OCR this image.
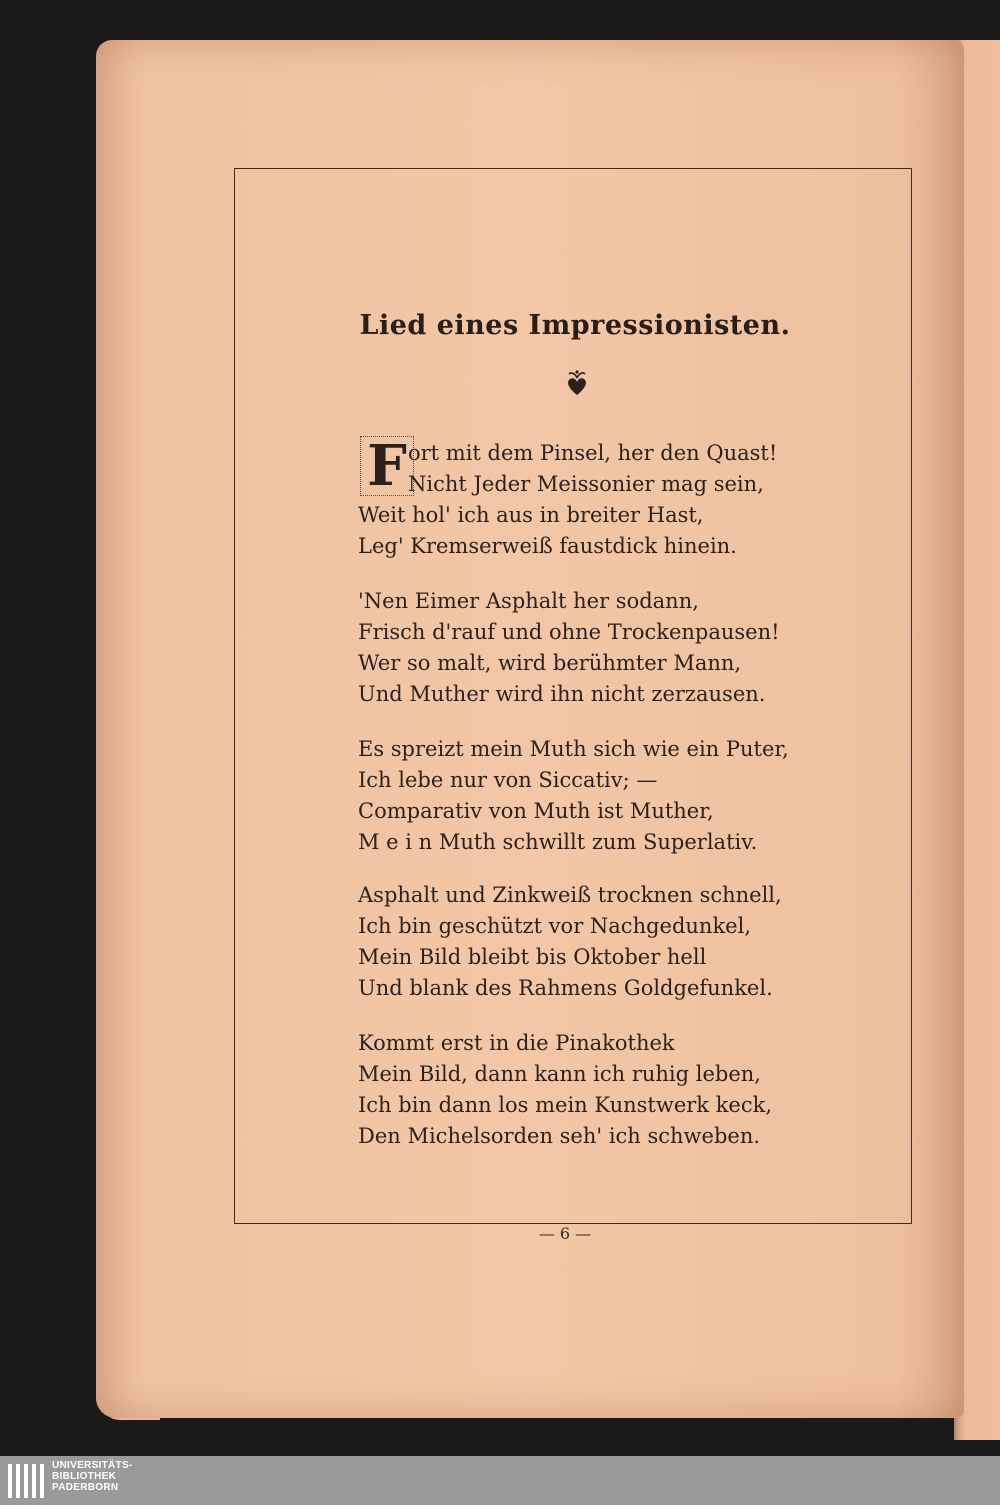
Lied eines Impressionisten.
F ort mit dem Pinsel, her den Quast!
Nicht Jeder Meissonier mag sein,
Weit hol' ich aus in breiter Hast,
Leg' Kremserweiß faustdick hinein.
'Nen Eimer Asphalt her sodann,
Frisch d'rauf und ohne Trockenpausen!
Wer so malt, wird berühmter Mann,
Und Muther wird ihn nicht zerzausen.
Es spreizt mein Muth sich wie ein Puter,
Ich lebe nur von Siccativ; —
Comparativ von Muth ist Muther,
M e i n Muth schwillt zum Superlativ.
Asphalt und Zinkweiß trocknen schnell,
Ich bin geschützt vor Nachgedunkel,
Mein Bild bleibt bis Oktober hell
Und blank des Rahmens Goldgefunkel.
Kommt erst in die Pinakothek
Mein Bild, dann kann ich ruhig leben,
Ich bin dann los mein Kunstwerk keck,
Den Michelsorden seh' ich schweben.
— 6 —
UNIVERSITÄTS-
BIBLIOTHEK
PADERBORN
